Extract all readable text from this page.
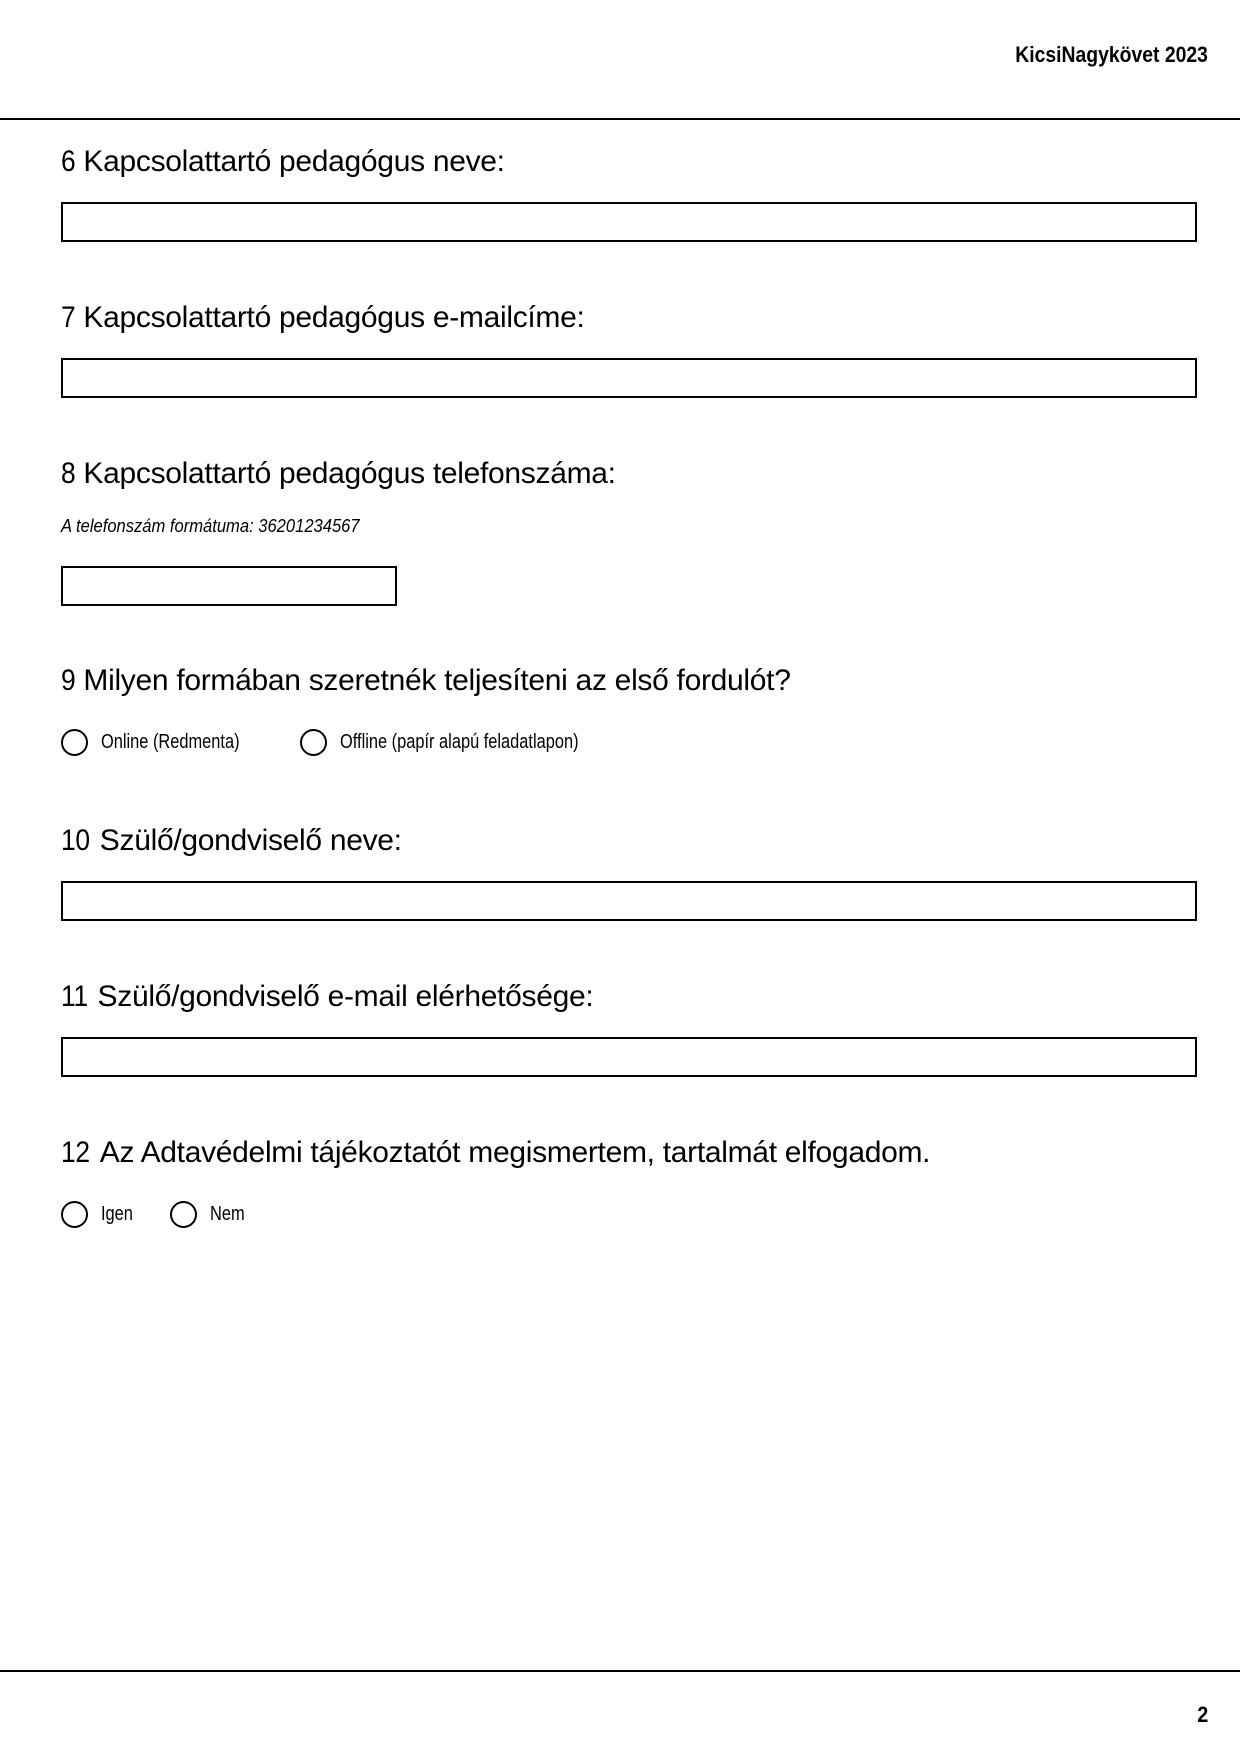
KicsiNagykövet 2023
6 Kapcsolattartó pedagógus neve:
7 Kapcsolattartó pedagógus e-mailcíme:
8 Kapcsolattartó pedagógus telefonszáma:
A telefonszám formátuma: 36201234567
9 Milyen formában szeretnék teljesíteni az első fordulót?
Online (Redmenta)	Offline (papír alapú feladatlapon)
10 Szülő/gondviselő neve:
11 Szülő/gondviselő e-mail elérhetősége:
12 Az Adtavédelmi tájékoztatót megismertem, tartalmát elfogadom.
Igen	Nem
2
